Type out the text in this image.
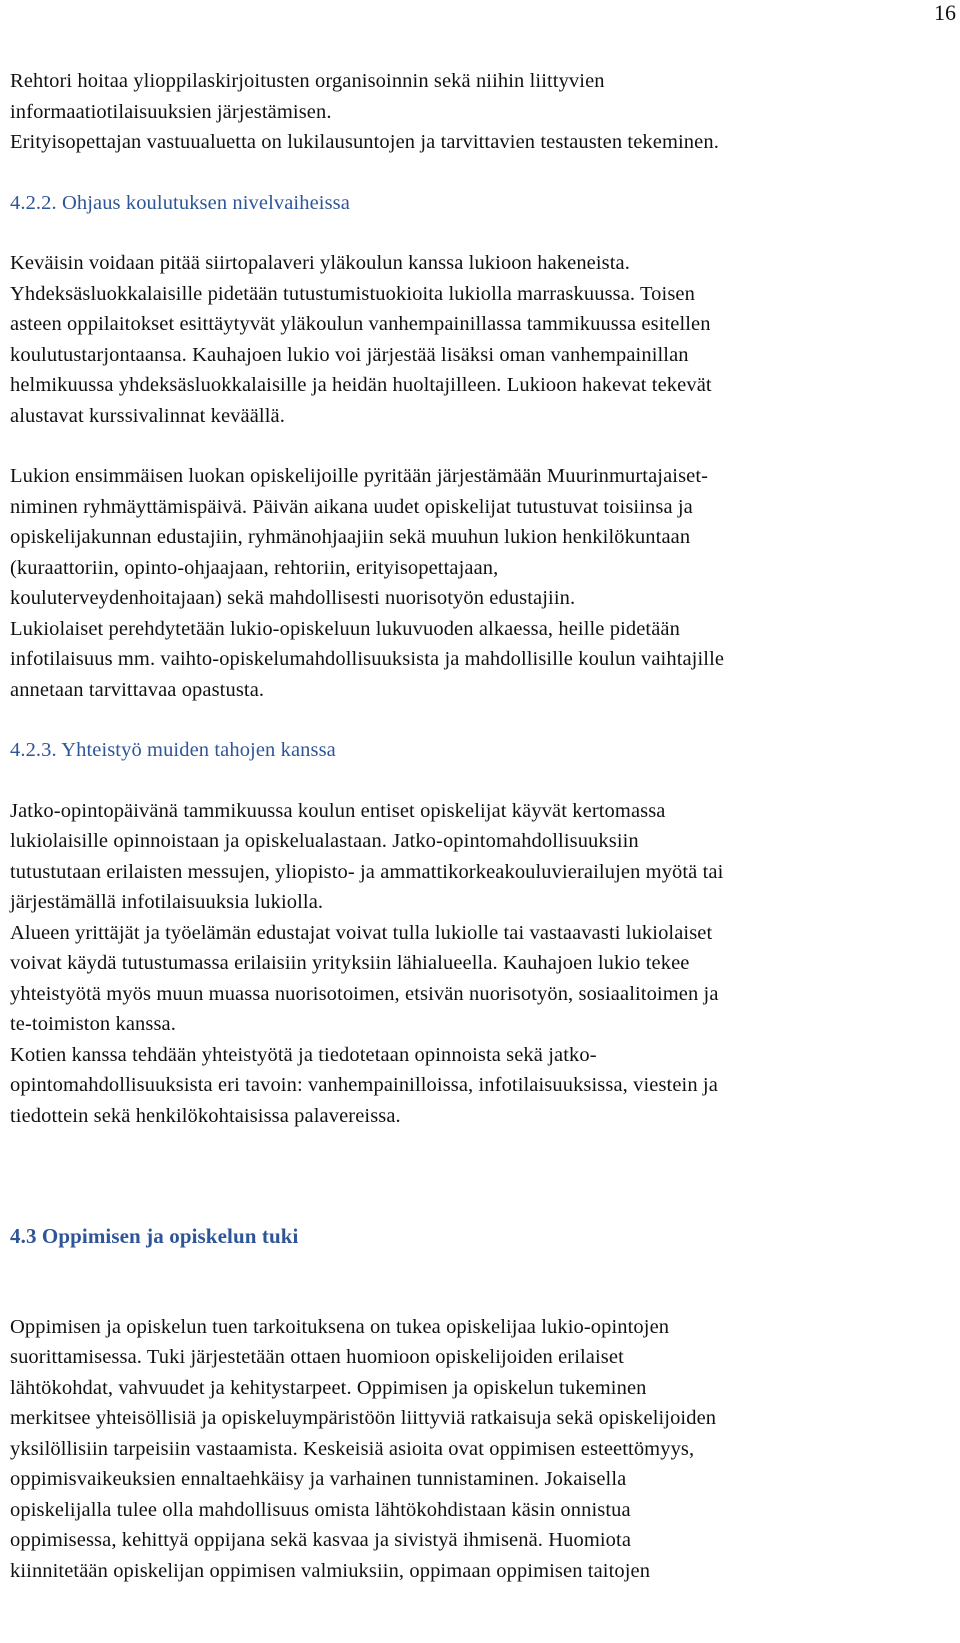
16

Rehtori hoitaa ylioppilaskirjoitusten organisoinnin sekä niihin liittyvien
informaatiotilaisuuksien järjestämisen.
Erityisopettajan vastuualuetta on lukilausuntojen ja tarvittavien testausten tekeminen.

4.2.2. Ohjaus koulutuksen nivelvaiheissa

Keväisin voidaan pitää siirtopalaveri yläkoulun kanssa lukioon hakeneista.
Yhdeksäsluokkalaisille pidetään tutustumistuokioita lukiolla marraskuussa. Toisen
asteen oppilaitokset esittäytyvät yläkoulun vanhempainillassa tammikuussa esitellen
koulutustarjontaansa. Kauhajoen lukio voi järjestää lisäksi oman vanhempainillan
helmikuussa yhdeksäsluokkalaisille ja heidän huoltajilleen. Lukioon hakevat tekevät
alustavat kurssivalinnat keväällä.

Lukion ensimmäisen luokan opiskelijoille pyritään järjestämään Muurinmurtajaiset-
niminen ryhmäyttämispäivä. Päivän aikana uudet opiskelijat tutustuvat toisiinsa ja
opiskelijakunnan edustajiin, ryhmänohjaajiin sekä muuhun lukion henkilökuntaan
(kuraattoriin, opinto-ohjaajaan, rehtoriin, erityisopettajaan,
kouluterveydenhoitajaan) sekä mahdollisesti nuorisotyön edustajiin.
Lukiolaiset perehdytetään lukio-opiskeluun lukuvuoden alkaessa, heille pidetään
infotilaisuus mm. vaihto-opiskelumahdollisuuksista ja mahdollisille koulun vaihtajille
annetaan tarvittavaa opastusta.

4.2.3. Yhteistyö muiden tahojen kanssa

Jatko-opintopäivänä tammikuussa koulun entiset opiskelijat käyvät kertomassa
lukiolaisille opinnoistaan ja opiskelualastaan. Jatko-opintomahdollisuuksiin
tutustutaan erilaisten messujen, yliopisto- ja ammattikorkeakouluvierailujen myötä tai
järjestämällä infotilaisuuksia lukiolla.
Alueen yrittäjät ja työelämän edustajat voivat tulla lukiolle tai vastaavasti lukiolaiset
voivat käydä tutustumassa erilaisiin yrityksiin lähialueella. Kauhajoen lukio tekee
yhteistyötä myös muun muassa nuorisotoimen, etsivän nuorisotyön, sosiaalitoimen ja
te-toimiston kanssa.
Kotien kanssa tehdään yhteistyötä ja tiedotetaan opinnoista sekä jatko-
opintomahdollisuuksista eri tavoin: vanhempainilloissa, infotilaisuuksissa, viestein ja
tiedottein sekä henkilökohtaisissa palavereissa.

4.3 Oppimisen ja opiskelun tuki

Oppimisen ja opiskelun tuen tarkoituksena on tukea opiskelijaa lukio-opintojen
suorittamisessa. Tuki järjestetään ottaen huomioon opiskelijoiden erilaiset
lähtökohdat, vahvuudet ja kehitystarpeet. Oppimisen ja opiskelun tukeminen
merkitsee yhteisöllisiä ja opiskeluympäristöön liittyviä ratkaisuja sekä opiskelijoiden
yksilöllisiin tarpeisiin vastaamista. Keskeisiä asioita ovat oppimisen esteettömyys,
oppimisvaikeuksien ennaltaehkäisy ja varhainen tunnistaminen. Jokaisella
opiskelijalla tulee olla mahdollisuus omista lähtökohdistaan käsin onnistua
oppimisessa, kehittyä oppijana sekä kasvaa ja sivistyä ihmisenä. Huomiota
kiinnitetään opiskelijan oppimisen valmiuksiin, oppimaan oppimisen taitojen
